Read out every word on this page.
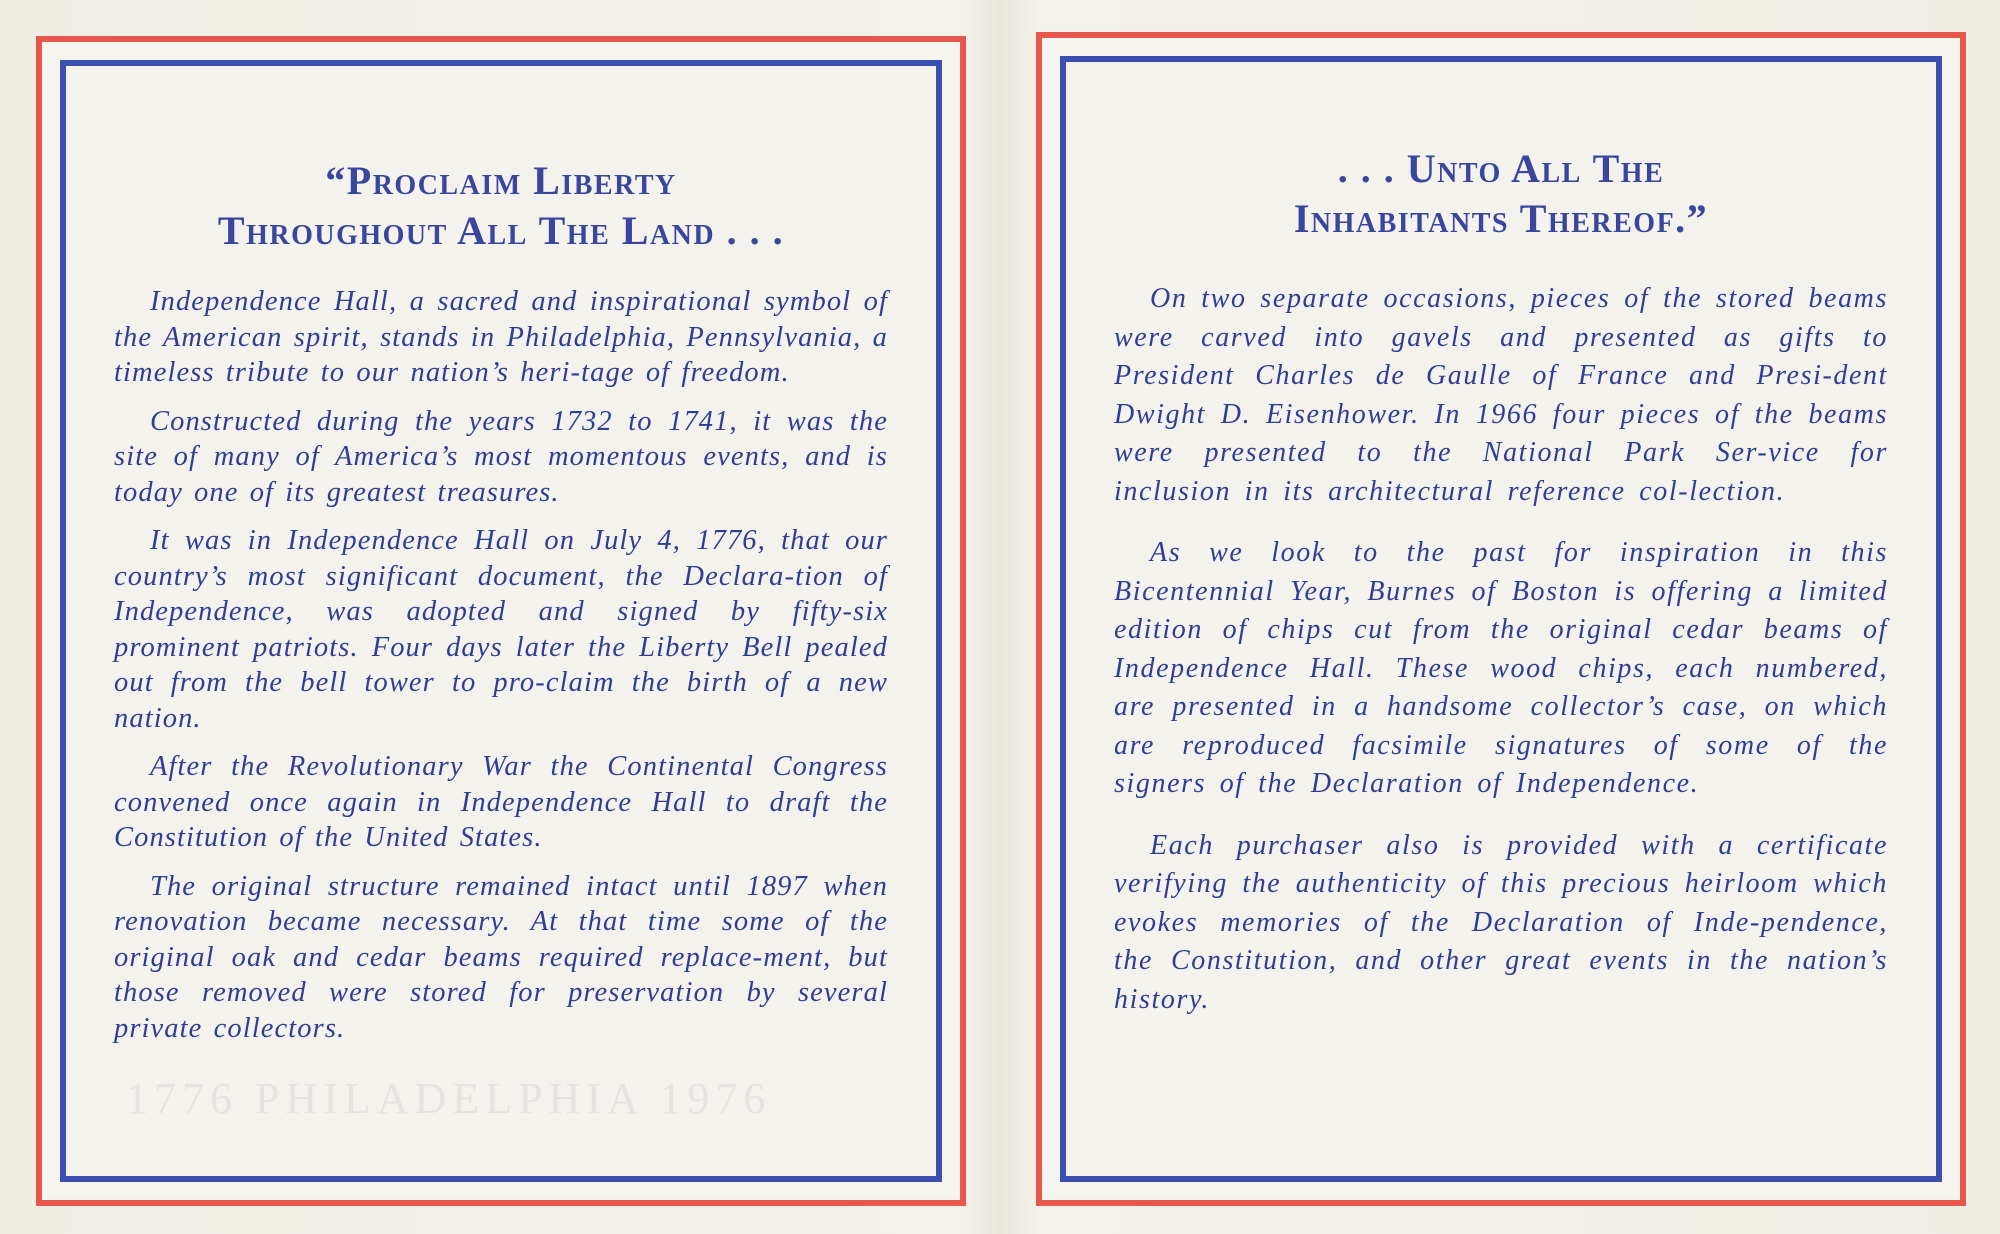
1776 PHILADELPHIA 1976
“Proclaim Liberty
Throughout All The Land . . .

Independence Hall, a sacred and inspirational symbol of the American spirit, stands in Philadelphia, Pennsylvania, a timeless tribute to our nation’s heri-tage of freedom.

Constructed during the years 1732 to 1741, it was the site of many of America’s most momentous events, and is today one of its greatest treasures.

It was in Independence Hall on July 4, 1776, that our country’s most significant document, the Declara-tion of Independence, was adopted and signed by fifty-six prominent patriots. Four days later the Liberty Bell pealed out from the bell tower to pro-claim the birth of a new nation.

After the Revolutionary War the Continental Congress convened once again in Independence Hall to draft the Constitution of the United States.

The original structure remained intact until 1897 when renovation became necessary. At that time some of the original oak and cedar beams required replace-ment, but those removed were stored for preservation by several private collectors.

. . . Unto All The
Inhabitants Thereof.”

On two separate occasions, pieces of the stored beams were carved into gavels and presented as gifts to President Charles de Gaulle of France and Presi-dent Dwight D. Eisenhower. In 1966 four pieces of the beams were presented to the National Park Ser-vice for inclusion in its architectural reference col-lection.

As we look to the past for inspiration in this Bicentennial Year, Burnes of Boston is offering a limited edition of chips cut from the original cedar beams of Independence Hall. These wood chips, each numbered, are presented in a handsome collector’s case, on which are reproduced facsimile signatures of some of the signers of the Declaration of Independence.

Each purchaser also is provided with a certificate verifying the authenticity of this precious heirloom which evokes memories of the Declaration of Inde-pendence, the Constitution, and other great events in the nation’s history.
